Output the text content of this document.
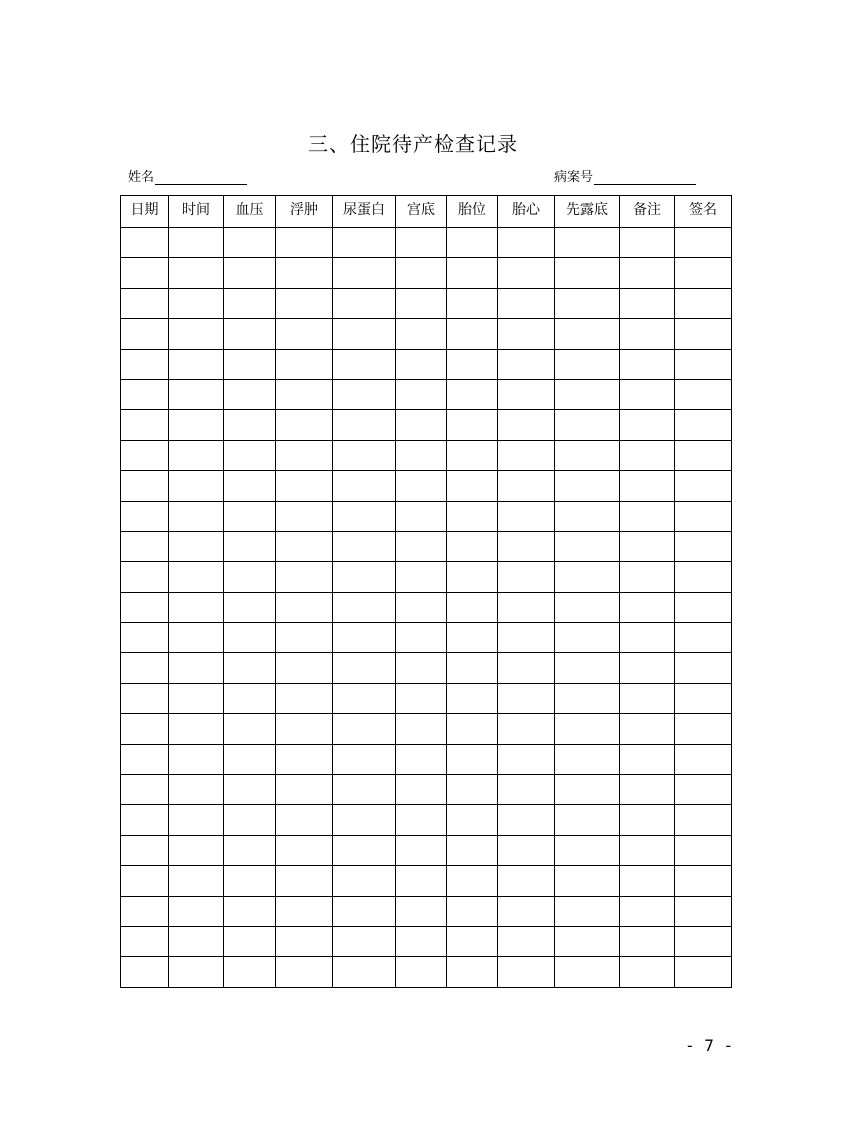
三、住院待产检查记录
姓名	病案号
日期	时间	血压	浮肿	尿蛋白	宫底	胎位	胎心	先露底	备注	签名

- 7 -
